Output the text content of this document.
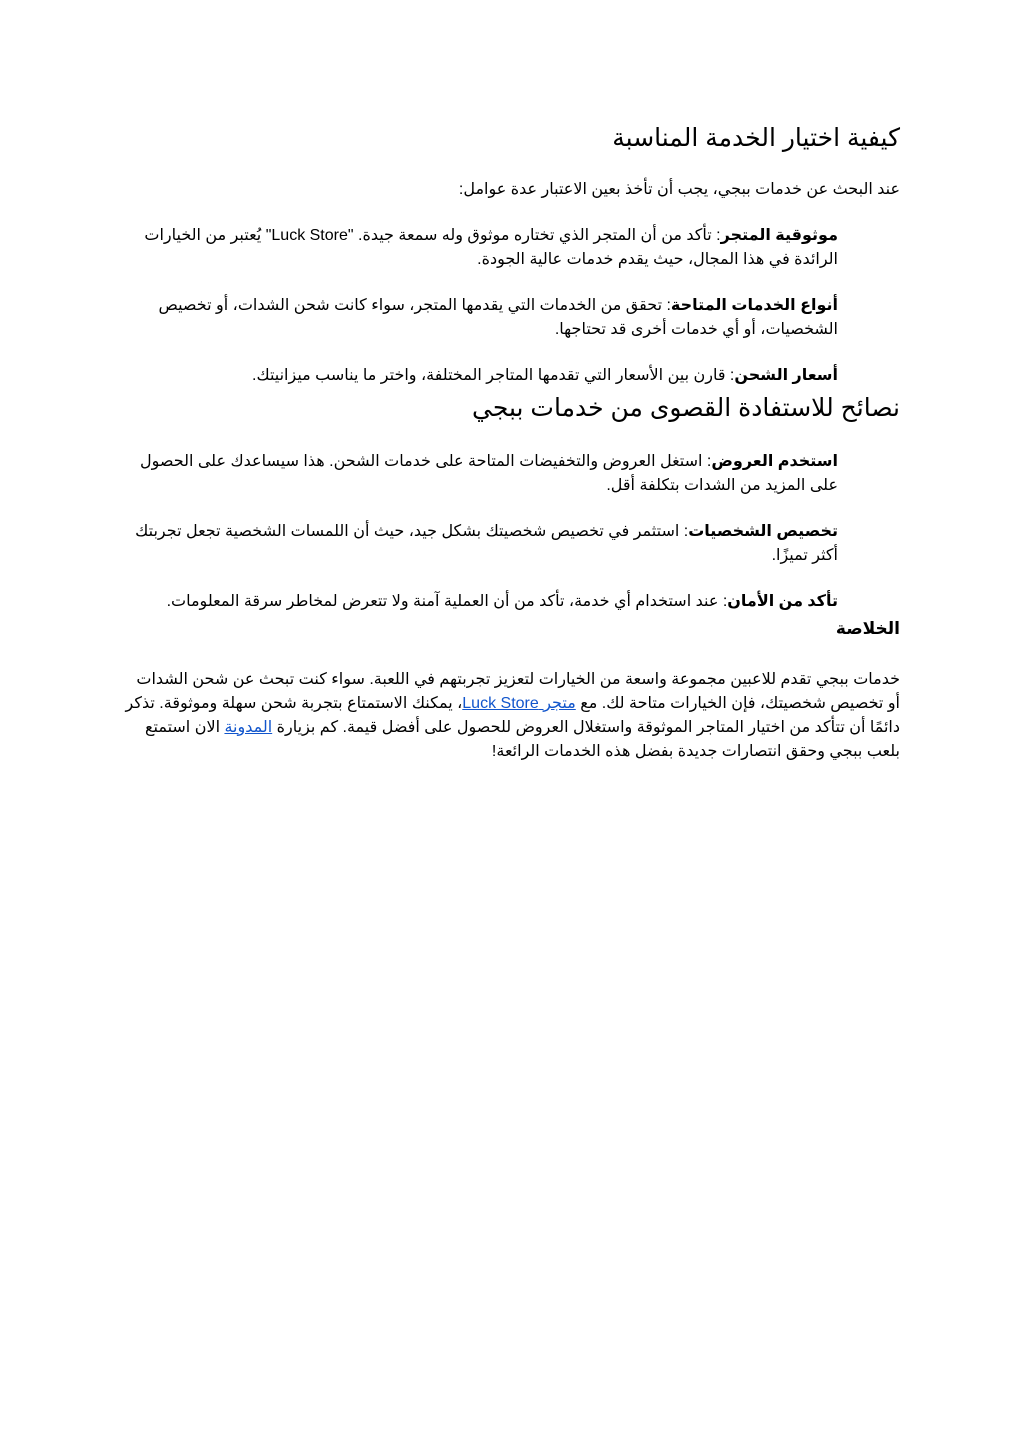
كيفية اختيار الخدمة المناسبة

عند البحث عن خدمات ببجي، يجب أن تأخذ بعين الاعتبار عدة عوامل:

موثوقية المتجر: تأكد من أن المتجر الذي تختاره موثوق وله سمعة جيدة. "Luck Store" يُعتبر من الخيارات الرائدة في هذا المجال، حيث يقدم خدمات عالية الجودة.

أنواع الخدمات المتاحة: تحقق من الخدمات التي يقدمها المتجر، سواء كانت شحن الشدات، أو تخصيص الشخصيات، أو أي خدمات أخرى قد تحتاجها.

أسعار الشحن: قارن بين الأسعار التي تقدمها المتاجر المختلفة، واختر ما يناسب ميزانيتك.

نصائح للاستفادة القصوى من خدمات ببجي

استخدم العروض: استغل العروض والتخفيضات المتاحة على خدمات الشحن. هذا سيساعدك على الحصول على المزيد من الشدات بتكلفة أقل.

تخصيص الشخصيات: استثمر في تخصيص شخصيتك بشكل جيد، حيث أن اللمسات الشخصية تجعل تجربتك أكثر تميزًا.

تأكد من الأمان: عند استخدام أي خدمة، تأكد من أن العملية آمنة ولا تتعرض لمخاطر سرقة المعلومات.

الخلاصة

خدمات ببجي تقدم للاعبين مجموعة واسعة من الخيارات لتعزيز تجربتهم في اللعبة. سواء كنت تبحث عن شحن الشدات أو تخصيص شخصيتك، فإن الخيارات متاحة لك. مع متجر Luck Store، يمكنك الاستمتاع بتجربة شحن سهلة وموثوقة. تذكر دائمًا أن تتأكد من اختيار المتاجر الموثوقة واستغلال العروض للحصول على أفضل قيمة. كم بزيارة المدونة الان استمتع بلعب ببجي وحقق انتصارات جديدة بفضل هذه الخدمات الرائعة!
